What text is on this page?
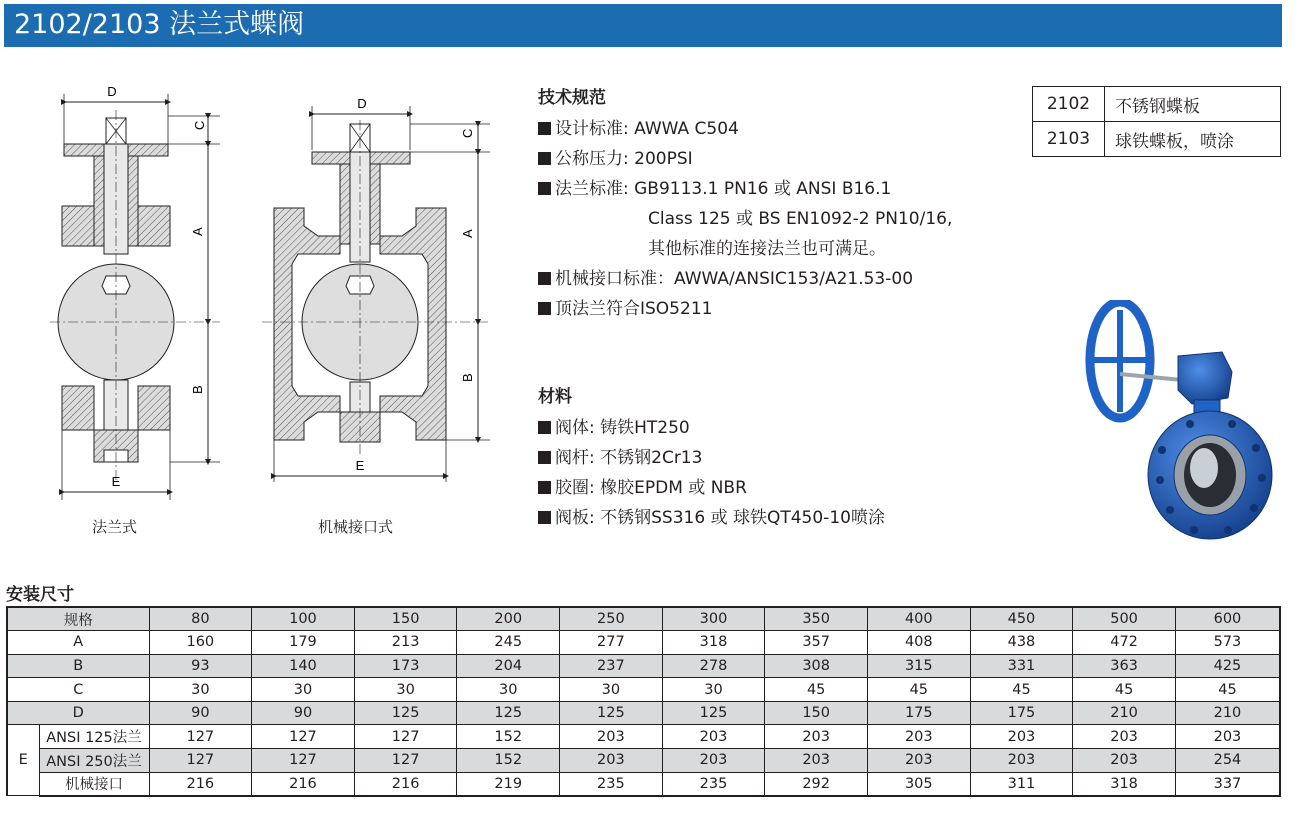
2102/2103 法兰式蝶阀
D
C
A
B
E
法兰式
D
C
A
B
E
机械接口式
技术规范
设计标准: AWWA C504
公称压力: 200PSI
法兰标准: GB9113.1 PN16 或 ANSI B16.1
Class 125 或 BS EN1092-2 PN10/16,
其他标准的连接法兰也可满足。
机械接口标准：AWWA/ANSIC153/A21.53-00
顶法兰符合ISO5211
材料
阀体: 铸铁HT250
阀杆: 不锈钢2Cr13
胶圈: 橡胶EPDM 或 NBR
阀板: 不锈钢SS316 或 球铁QT450-10喷涂
2102	不锈钢蝶板
2103	球铁蝶板，喷涂
安装尺寸
规格		80	100	150	200	250	300	350	400	450	500	600
A		160	179	213	245	277	318	357	408	438	472	573
B		93	140	173	204	237	278	308	315	331	363	425
C		30	30	30	30	30	30	45	45	45	45	45
D		90	90	125	125	125	125	150	175	175	210	210
E	ANSI 125法兰	127	127	127	152	203	203	203	203	203	203	203
	ANSI 250法兰	127	127	127	152	203	203	203	203	203	203	254
	机械接口	216	216	216	219	235	235	292	305	311	318	337
